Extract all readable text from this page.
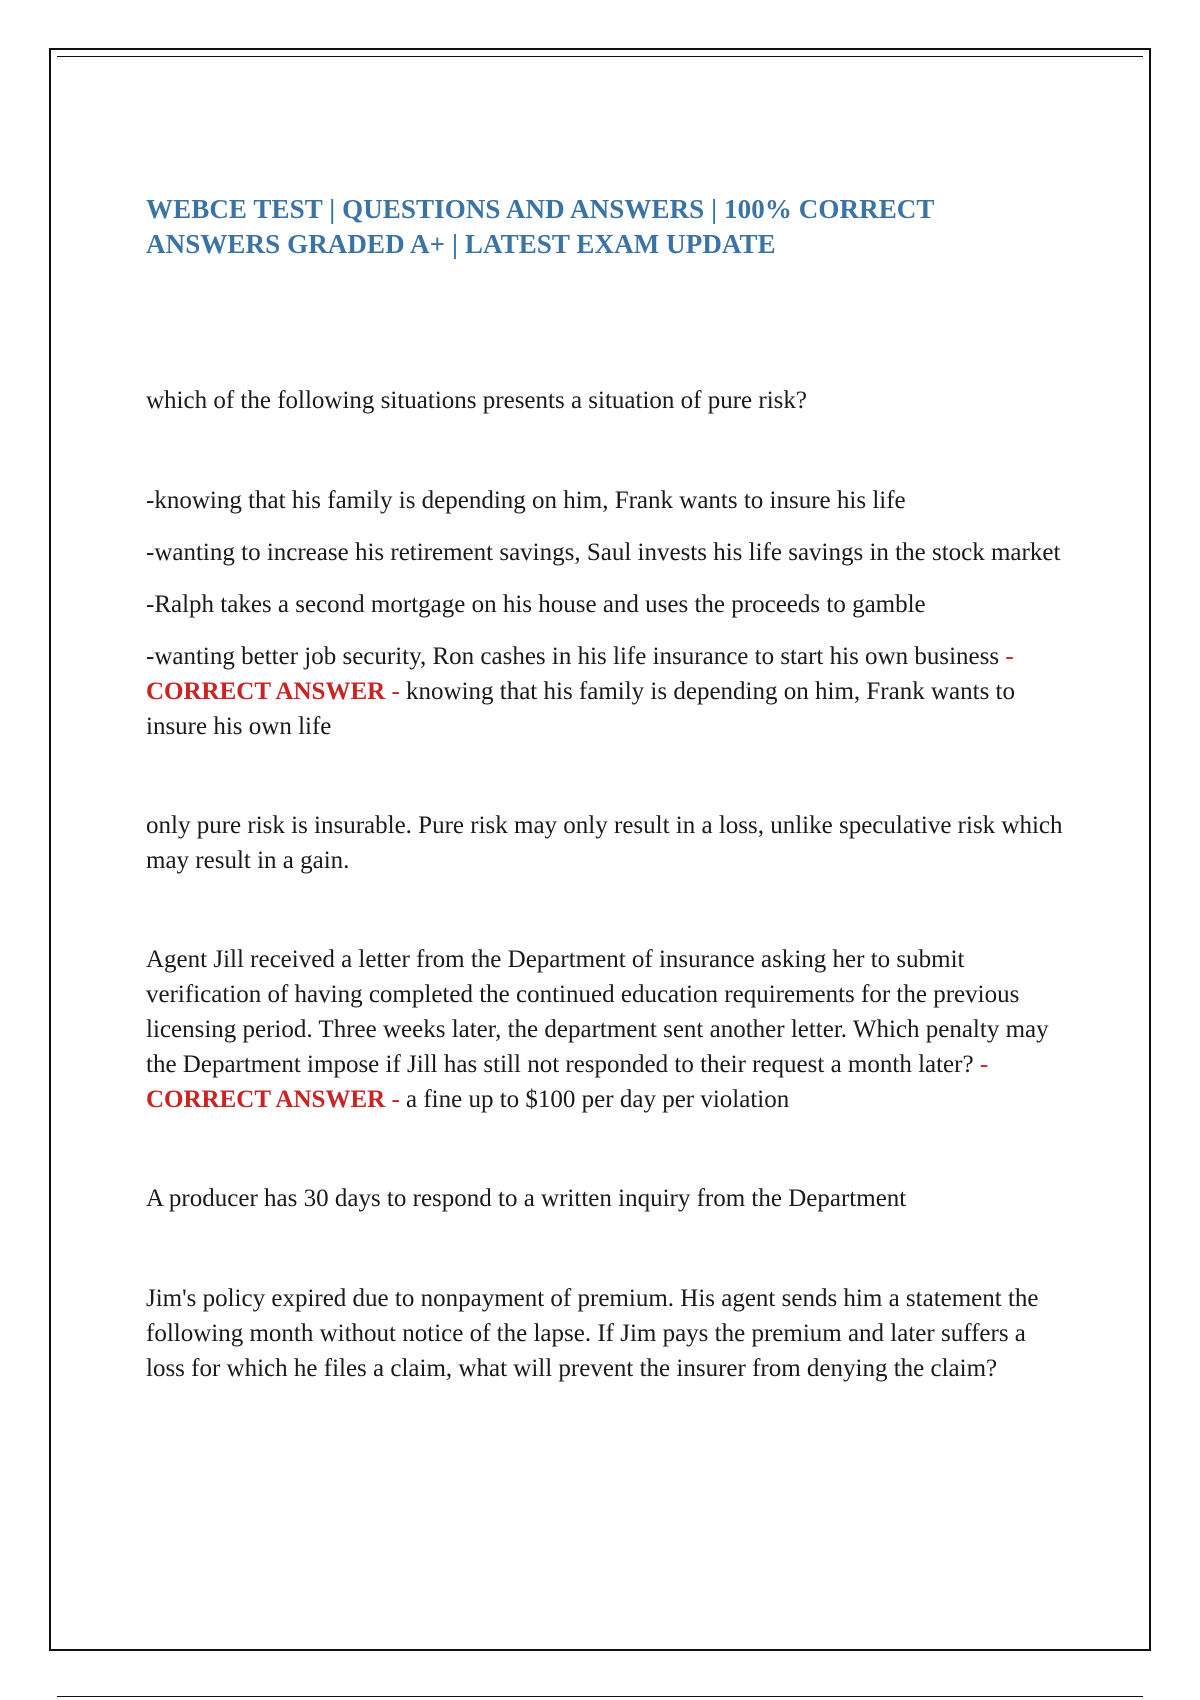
WEBCE TEST | QUESTIONS AND ANSWERS | 100% CORRECT ANSWERS GRADED A+ | LATEST EXAM UPDATE

which of the following situations presents a situation of pure risk?

-knowing that his family is depending on him, Frank wants to insure his life

-wanting to increase his retirement savings, Saul invests his life savings in the stock market

-Ralph takes a second mortgage on his house and uses the proceeds to gamble

-wanting better job security, Ron cashes in his life insurance to start his own business - CORRECT ANSWER - knowing that his family is depending on him, Frank wants to insure his own life

only pure risk is insurable. Pure risk may only result in a loss, unlike speculative risk which may result in a gain.

Agent Jill received a letter from the Department of insurance asking her to submit verification of having completed the continued education requirements for the previous licensing period. Three weeks later, the department sent another letter. Which penalty may the Department impose if Jill has still not responded to their request a month later? - CORRECT ANSWER - a fine up to $100 per day per violation

A producer has 30 days to respond to a written inquiry from the Department

Jim's policy expired due to nonpayment of premium. His agent sends him a statement the following month without notice of the lapse. If Jim pays the premium and later suffers a loss for which he files a claim, what will prevent the insurer from denying the claim?
